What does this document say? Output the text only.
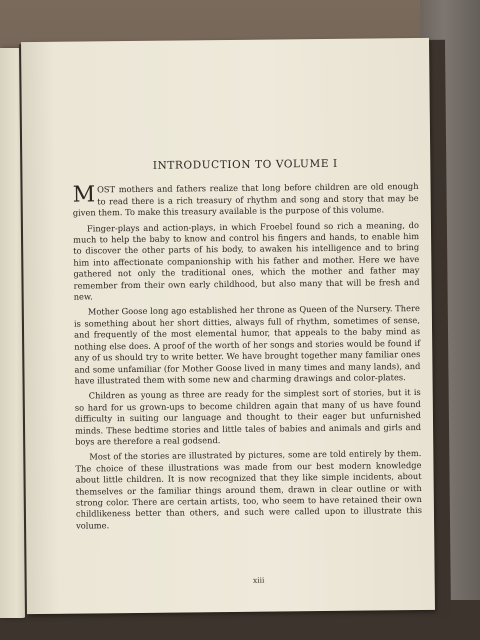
INTRODUCTION TO VOLUME I

MOST mothers and fathers realize that long before children are old enough to read there is a rich treasury of rhythm and song and story that may be given them. To make this treasury available is the purpose of this volume.

Finger-plays and action-plays, in which Froebel found so rich a meaning, do much to help the baby to know and control his fingers and hands, to enable him to discover the other parts of his body, to awaken his intelligence and to bring him into affectionate companionship with his father and mother. Here we have gathered not only the traditional ones, which the mother and father may remember from their own early childhood, but also many that will be fresh and new.

Mother Goose long ago established her throne as Queen of the Nursery. There is something about her short ditties, always full of rhythm, sometimes of sense, and frequently of the most elemental humor, that appeals to the baby mind as nothing else does. A proof of the worth of her songs and stories would be found if any of us should try to write better. We have brought together many familiar ones and some unfamiliar (for Mother Goose lived in many times and many lands), and have illustrated them with some new and charming drawings and color-plates.

Children as young as three are ready for the simplest sort of stories, but it is so hard for us grown-ups to become children again that many of us have found difficulty in suiting our language and thought to their eager but unfurnished minds. These bedtime stories and little tales of babies and animals and girls and boys are therefore a real godsend.

Most of the stories are illustrated by pictures, some are told entirely by them. The choice of these illustrations was made from our best modern knowledge about little children. It is now recognized that they like simple incidents, about themselves or the familiar things around them, drawn in clear outline or with strong color. There are certain artists, too, who seem to have retained their own childlikeness better than others, and such were called upon to illustrate this volume.

xiii
